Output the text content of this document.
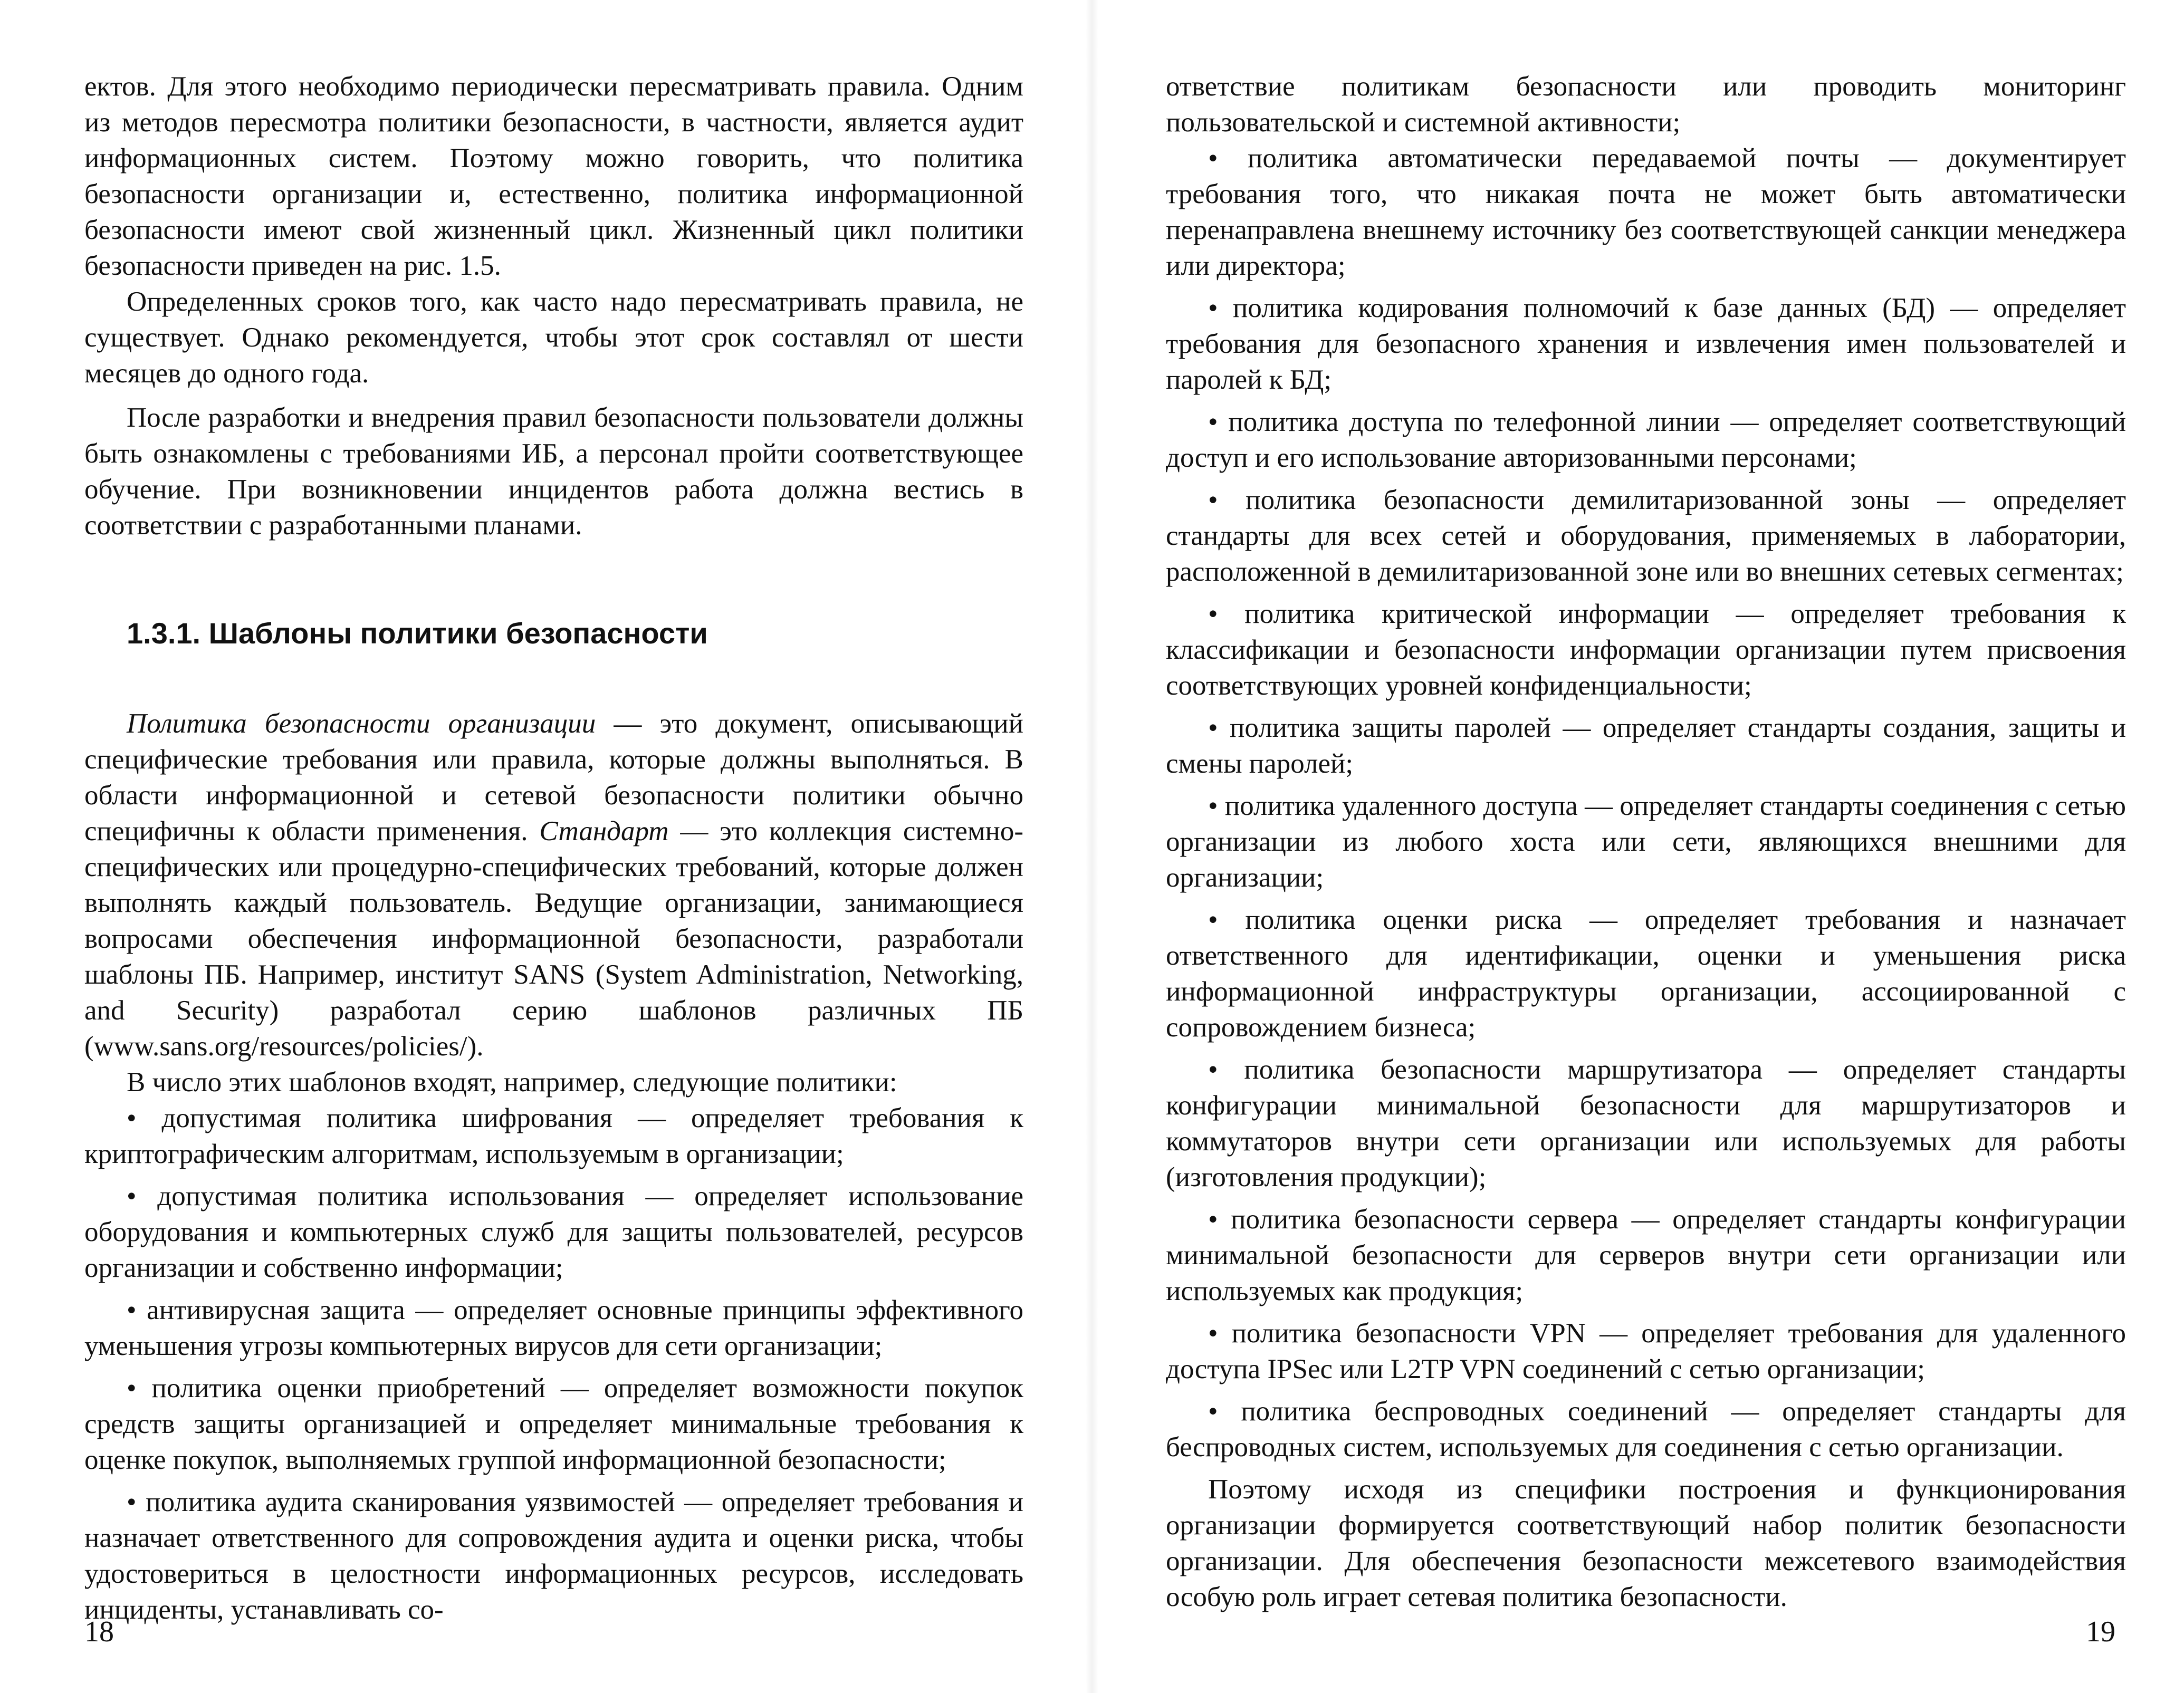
ектов. Для этого необходимо периодически пересматривать правила. Одним из методов пересмотра политики безопасности, в частности, является аудит информационных систем. Поэтому можно говорить, что политика безопасности организации и, естественно, политика информационной безопасности имеют свой жизненный цикл. Жизненный цикл политики безопасности приведен на рис. 1.5.

Определенных сроков того, как часто надо пересматривать правила, не существует. Однако рекомендуется, чтобы этот срок составлял от шести месяцев до одного года.

После разработки и внедрения правил безопасности пользователи должны быть ознакомлены с требованиями ИБ, а персонал пройти соответствующее обучение. При возникновении инцидентов работа должна вестись в соответствии с разработанными планами.

1.3.1. Шаблоны политики безопасности

Политика безопасности организации — это документ, описывающий специфические требования или правила, которые должны выполняться. В области информационной и сетевой безопасности политики обычно специфичны к области применения. Стандарт — это коллекция системно-специфических или процедурно-специфических требований, которые должен выполнять каждый пользователь. Ведущие организации, занимающиеся вопросами обеспечения информационной безопасности, разработали шаблоны ПБ. Например, институт SANS (System Administration, Networking, and Security) разработал серию шаблонов различных ПБ (www.sans.org/resources/policies/).

В число этих шаблонов входят, например, следующие политики:

• допустимая политика шифрования — определяет требования к криптографическим алгоритмам, используемым в организации;
• допустимая политика использования — определяет использование оборудования и компьютерных служб для защиты пользователей, ресурсов организации и собственно информации;
• антивирусная защита — определяет основные принципы эффективного уменьшения угрозы компьютерных вирусов для сети организации;
• политика оценки приобретений — определяет возможности покупок средств защиты организацией и определяет минимальные требования к оценке покупок, выполняемых группой информационной безопасности;
• политика аудита сканирования уязвимостей — определяет требования и назначает ответственного для сопровождения аудита и оценки риска, чтобы удостовериться в целостности информационных ресурсов, исследовать инциденты, устанавливать со-
18

ответствие политикам безопасности или проводить мониторинг пользовательской и системной активности;

• политика автоматически передаваемой почты — документирует требования того, что никакая почта не может быть автоматически перенаправлена внешнему источнику без соответствующей санкции менеджера или директора;
• политика кодирования полномочий к базе данных (БД) — определяет требования для безопасного хранения и извлечения имен пользователей и паролей к БД;
• политика доступа по телефонной линии — определяет соответствующий доступ и его использование авторизованными персонами;
• политика безопасности демилитаризованной зоны — определяет стандарты для всех сетей и оборудования, применяемых в лаборатории, расположенной в демилитаризованной зоне или во внешних сетевых сегментах;
• политика критической информации — определяет требования к классификации и безопасности информации организации путем присвоения соответствующих уровней конфиденциальности;
• политика защиты паролей — определяет стандарты создания, защиты и смены паролей;
• политика удаленного доступа — определяет стандарты соединения с сетью организации из любого хоста или сети, являющихся внешними для организации;
• политика оценки риска — определяет требования и назначает ответственного для идентификации, оценки и уменьшения риска информационной инфраструктуры организации, ассоциированной с сопровождением бизнеса;
• политика безопасности маршрутизатора — определяет стандарты конфигурации минимальной безопасности для маршрутизаторов и коммутаторов внутри сети организации или используемых для работы (изготовления продукции);
• политика безопасности сервера — определяет стандарты конфигурации минимальной безопасности для серверов внутри сети организации или используемых как продукция;
• политика безопасности VPN — определяет требования для удаленного доступа IPSec или L2TP VPN соединений с сетью организации;
• политика беспроводных соединений — определяет стандарты для беспроводных систем, используемых для соединения с сетью организации.

Поэтому исходя из специфики построения и функционирования организации формируется соответствующий набор политик безопасности организации. Для обеспечения безопасности межсетевого взаимодействия особую роль играет сетевая политика безопасности.

19
